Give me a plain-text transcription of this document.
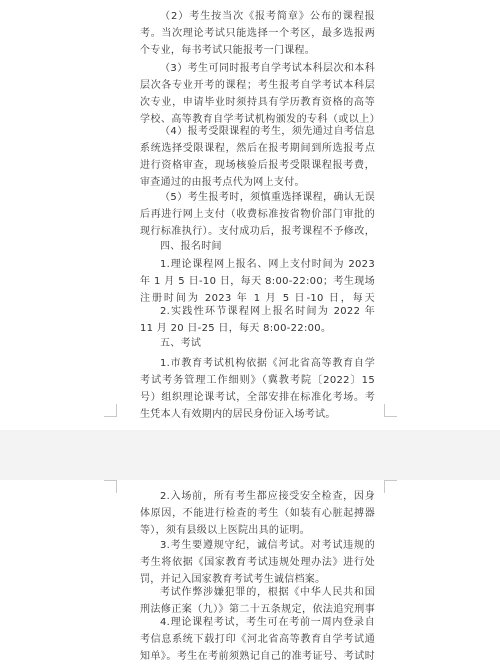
（2）考生按当次《报考简章》公布的课程报考。当次理论考试只能选择一个考区，最多选报两个专业，每书考试只能报考一门课程。

（3）考生可同时报考自学考试本科层次和本科层次各专业开考的课程；考生报考自学考试本科层次专业，申请毕业时须持具有学历教育资格的高等学校、高等教育自学考试机构颁发的专科（或以上）

（4）报考受限课程的考生，须先通过自考信息系统选择受限课程，然后在报考期间到所选报考点进行资格审查，现场核验后报考受限课程报考费，审查通过的由报考点代为网上支付。

（5）考生报考时，须慎重选择课程，确认无误后再进行网上支付（收费标准按省物价部门审批的现行标准执行）。支付成功后，报考课程不予修改，

四、报名时间

1.理论课程网上报名、网上支付时间为 2023 年 1 月 5 日-10 日，每天 8:00-22:00；考生现场注册时间为 2023 年 1 月 5 日-10 日，每天

2.实践性环节课程网上报名时间为 2022 年 11 月 20 日-25 日，每天 8:00-22:00。

五、考试

1.市教育考试机构依据《河北省高等教育自学考试考务管理工作细则》（冀教考院〔2022〕15号）组织理论课考试，全部安排在标准化考场。考生凭本人有效期内的居民身份证入场考试。

2.入场前，所有考生都应接受安全检查，因身体原因，不能进行检查的考生（如装有心脏起搏器等），须有县级以上医院出具的证明。

3.考生要遵规守纪，诚信考试。对考试违规的考生将依据《国家教育考试违规处理办法》进行处罚，并记入国家教育考试考生诚信档案。

考试作弊涉嫌犯罪的，根据《中华人民共和国刑法修正案（九）》第二十五条规定，依法追究刑事

4.理论课程考试，考生可在考前一周内登录自考信息系统下载打印《河北省高等教育自学考试通知单》。考生在考前须熟记自己的准考证号、考试时
